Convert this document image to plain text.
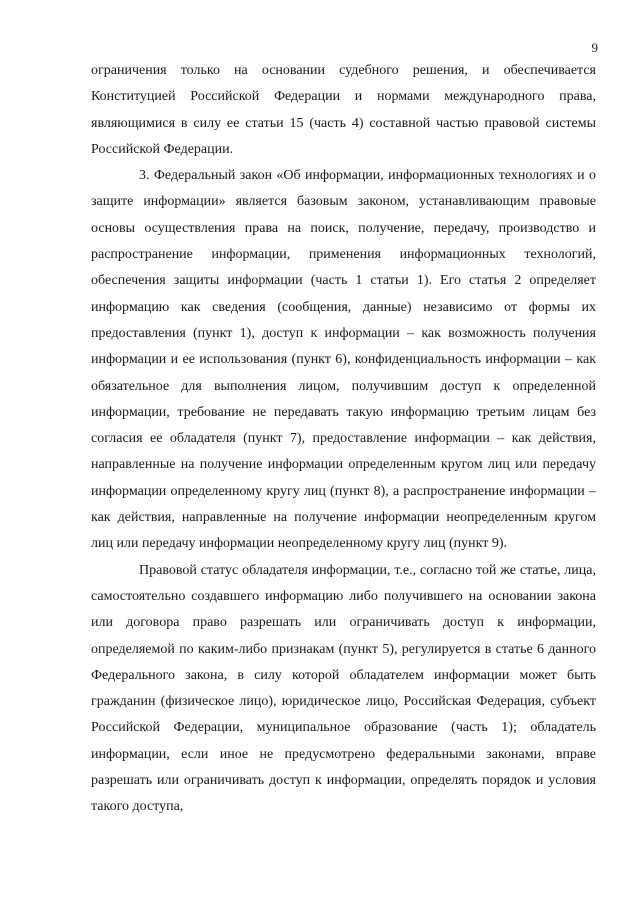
9

ограничения только на основании судебного решения, и обеспечивается Конституцией Российской Федерации и нормами международного права, являющимися в силу ее статьи 15 (часть 4) составной частью правовой системы Российской Федерации.

3. Федеральный закон «Об информации, информационных технологиях и о защите информации» является базовым законом, устанавливающим правовые основы осуществления права на поиск, получение, передачу, производство и распространение информации, применения информационных технологий, обеспечения защиты информации (часть 1 статьи 1). Его статья 2 определяет информацию как сведения (сообщения, данные) независимо от формы их предоставления (пункт 1), доступ к информации – как возможность получения информации и ее использования (пункт 6), конфиденциальность информации – как обязательное для выполнения лицом, получившим доступ к определенной информации, требование не передавать такую информацию третьим лицам без согласия ее обладателя (пункт 7), предоставление информации – как действия, направленные на получение информации определенным кругом лиц или передачу информации определенному кругу лиц (пункт 8), а распространение информации – как действия, направленные на получение информации неопределенным кругом лиц или передачу информации неопределенному кругу лиц (пункт 9).

Правовой статус обладателя информации, т.е., согласно той же статье, лица, самостоятельно создавшего информацию либо получившего на основании закона или договора право разрешать или ограничивать доступ к информации, определяемой по каким-либо признакам (пункт 5), регулируется в статье 6 данного Федерального закона, в силу которой обладателем информации может быть гражданин (физическое лицо), юридическое лицо, Российская Федерация, субъект Российской Федерации, муниципальное образование (часть 1); обладатель информации, если иное не предусмотрено федеральными законами, вправе разрешать или ограничивать доступ к информации, определять порядок и условия такого доступа,
